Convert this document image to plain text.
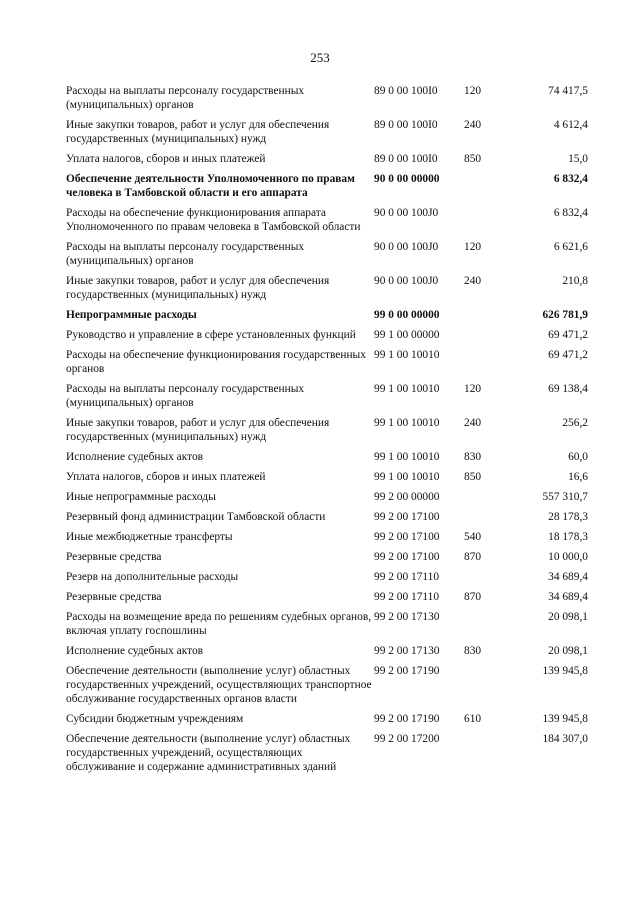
253
Расходы на выплаты персоналу государственных (муниципальных) органов	89 0 00 100I0	120	74 417,5
Иные закупки товаров, работ и услуг для обеспечения государственных (муниципальных) нужд	89 0 00 100I0	240	4 612,4
Уплата налогов, сборов и иных платежей	89 0 00 100I0	850	15,0
Обеспечение деятельности Уполномоченного по правам человека в Тамбовской области и его аппарата	90 0 00 00000		6 832,4
Расходы на обеспечение функционирования аппарата Уполномоченного по правам человека в Тамбовской области	90 0 00 100J0		6 832,4
Расходы на выплаты персоналу государственных (муниципальных) органов	90 0 00 100J0	120	6 621,6
Иные закупки товаров, работ и услуг для обеспечения государственных (муниципальных) нужд	90 0 00 100J0	240	210,8
Непрограммные расходы	99 0 00 00000		626 781,9
Руководство и управление в сфере установленных функций	99 1 00 00000		69 471,2
Расходы на обеспечение функционирования государственных органов	99 1 00 10010		69 471,2
Расходы на выплаты персоналу государственных (муниципальных) органов	99 1 00 10010	120	69 138,4
Иные закупки товаров, работ и услуг для обеспечения государственных (муниципальных) нужд	99 1 00 10010	240	256,2
Исполнение судебных актов	99 1 00 10010	830	60,0
Уплата налогов, сборов и иных платежей	99 1 00 10010	850	16,6
Иные непрограммные расходы	99 2 00 00000		557 310,7
Резервный фонд администрации Тамбовской области	99 2 00 17100		28 178,3
Иные межбюджетные трансферты	99 2 00 17100	540	18 178,3
Резервные средства	99 2 00 17100	870	10 000,0
Резерв на дополнительные расходы	99 2 00 17110		34 689,4
Резервные средства	99 2 00 17110	870	34 689,4
Расходы на возмещение вреда по решениям судебных органов, включая уплату госпошлины	99 2 00 17130		20 098,1
Исполнение судебных актов	99 2 00 17130	830	20 098,1
Обеспечение деятельности (выполнение услуг) областных государственных учреждений, осуществляющих транспортное обслуживание государственных органов власти	99 2 00 17190		139 945,8
Субсидии бюджетным учреждениям	99 2 00 17190	610	139 945,8
Обеспечение деятельности (выполнение услуг) областных государственных учреждений, осуществляющих обслуживание и содержание административных зданий	99 2 00 17200		184 307,0
